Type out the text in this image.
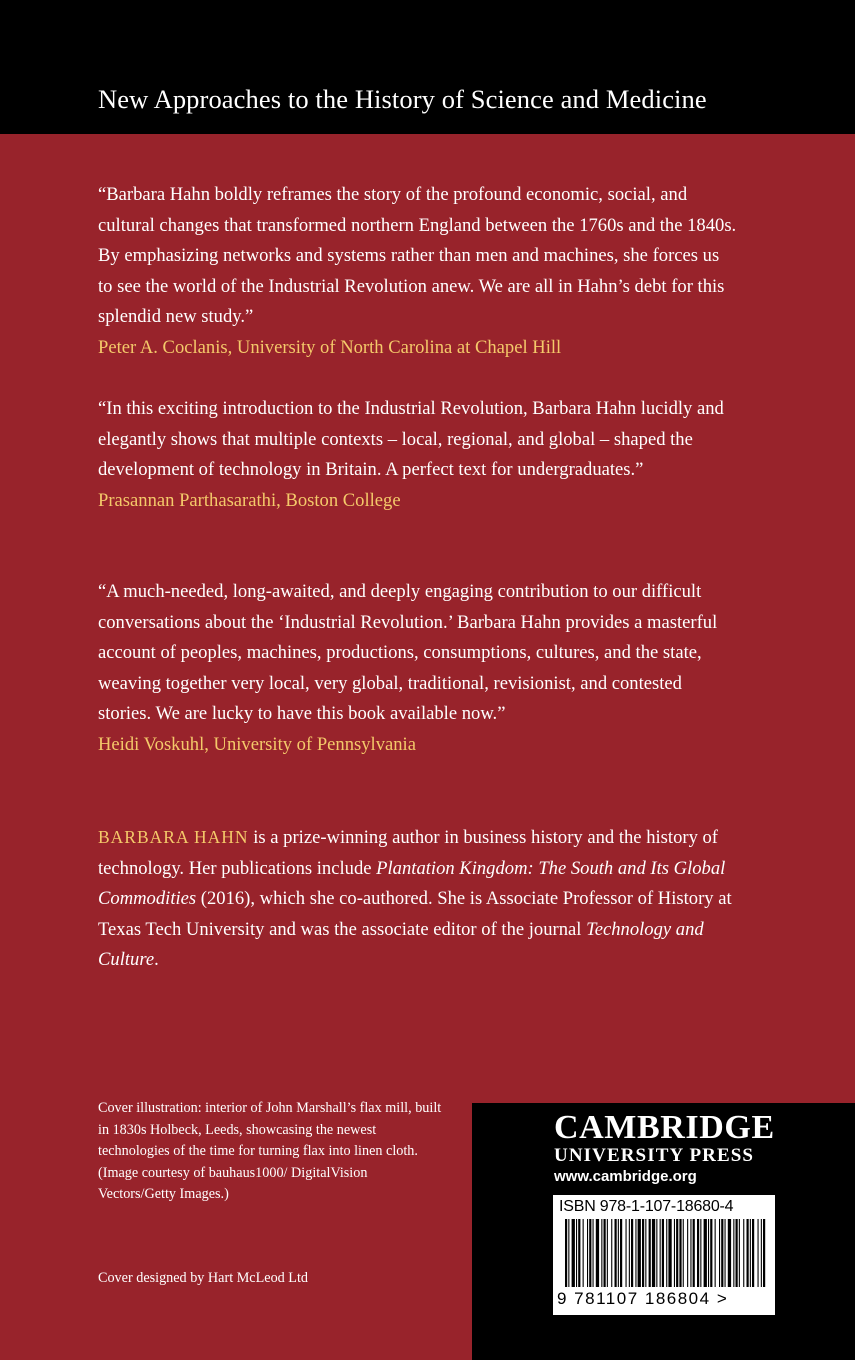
New Approaches to the History of Science and Medicine

“Barbara Hahn boldly reframes the story of the profound economic, social, and cultural changes that transformed northern England between the 1760s and the 1840s. By emphasizing networks and systems rather than men and machines, she forces us to see the world of the Industrial Revolution anew. We are all in Hahn’s debt for this splendid new study.”

Peter A. Coclanis, University of North Carolina at Chapel Hill

“In this exciting introduction to the Industrial Revolution, Barbara Hahn lucidly and elegantly shows that multiple contexts – local, regional, and global – shaped the development of technology in Britain. A perfect text for undergraduates.”

Prasannan Parthasarathi, Boston College

“A much-needed, long-awaited, and deeply engaging contribution to our difficult conversations about the ‘Industrial Revolution.’ Barbara Hahn provides a masterful account of peoples, machines, productions, consumptions, cultures, and the state, weaving together very local, very global, traditional, revisionist, and contested stories. We are lucky to have this book available now.”

Heidi Voskuhl, University of Pennsylvania

BARBARA HAHN is a prize-winning author in business history and the history of technology. Her publications include Plantation Kingdom: The South and Its Global Commodities (2016), which she co-authored. She is Associate Professor of History at Texas Tech University and was the associate editor of the journal Technology and Culture.

Cover illustration: interior of John Marshall’s flax mill, built in 1830s Holbeck, Leeds, showcasing the newest technologies of the time for turning flax into linen cloth. (Image courtesy of bauhaus1000/ DigitalVision Vectors/Getty Images.)
Cover designed by Hart McLeod Ltd
CAMBRIDGE
UNIVERSITY PRESS
www.cambridge.org
ISBN 978-1-107-18680-4
9 781107 186804 >
